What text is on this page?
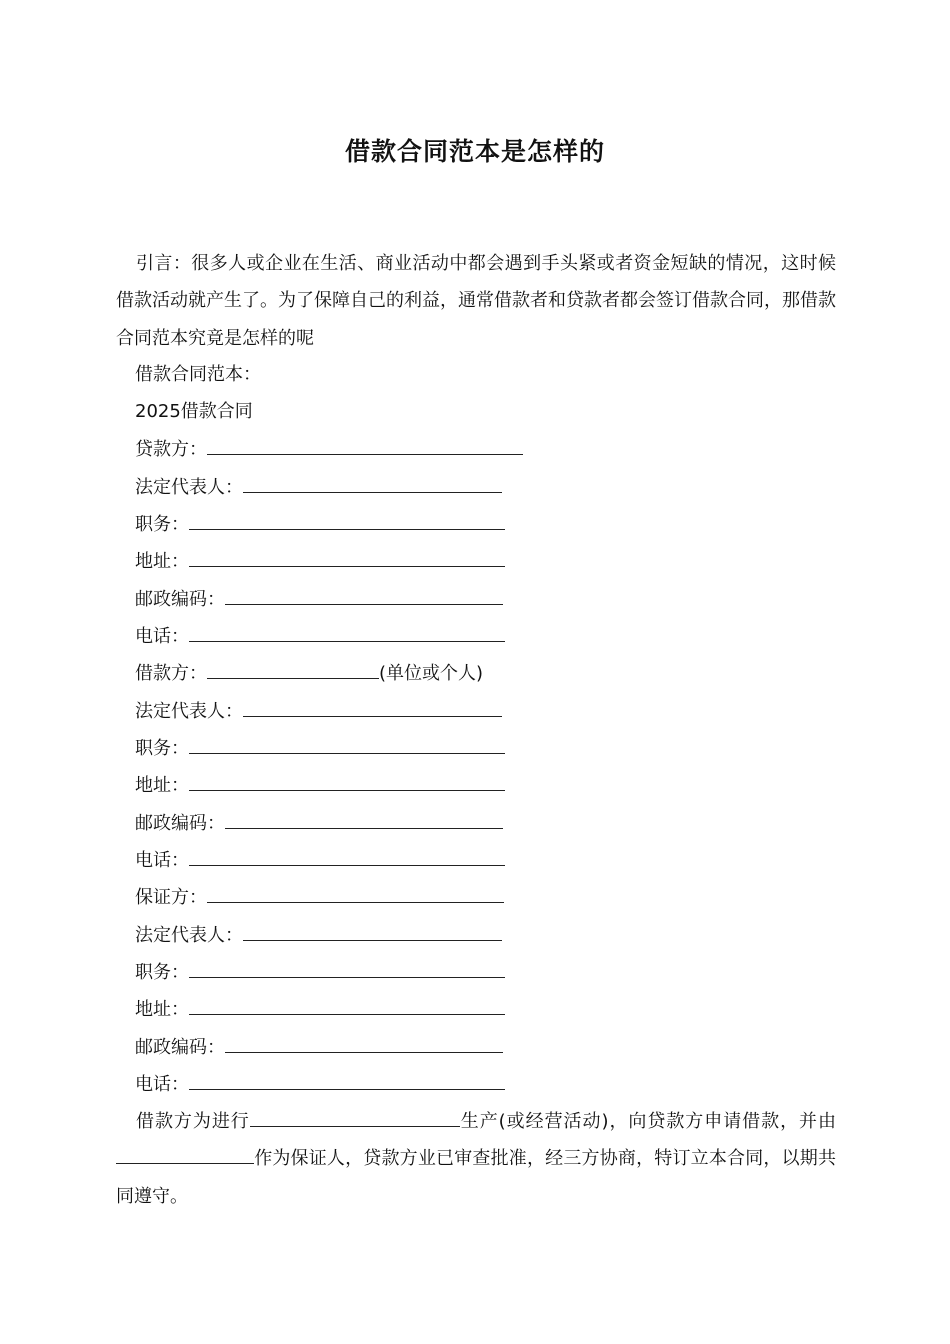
借款合同范本是怎样的
引言：很多人或企业在生活、商业活动中都会遇到手头紧或者资金短缺的情况，这时候借款活动就产生了。为了保障自己的利益，通常借款者和贷款者都会签订借款合同，那借款合同范本究竟是怎样的呢
借款合同范本：
2025借款合同
贷款方：
法定代表人：
职务：
地址：
邮政编码：
电话：
借款方：	(单位或个人)
法定代表人：
职务：
地址：
邮政编码：
电话：
保证方：
法定代表人：
职务：
地址：
邮政编码：
电话：
借款方为进行	生产(或经营活动)，向贷款方申请借款，并由作为保证人，贷款方业已审查批准，经三方协商，特订立本合同，以期共同遵守。
